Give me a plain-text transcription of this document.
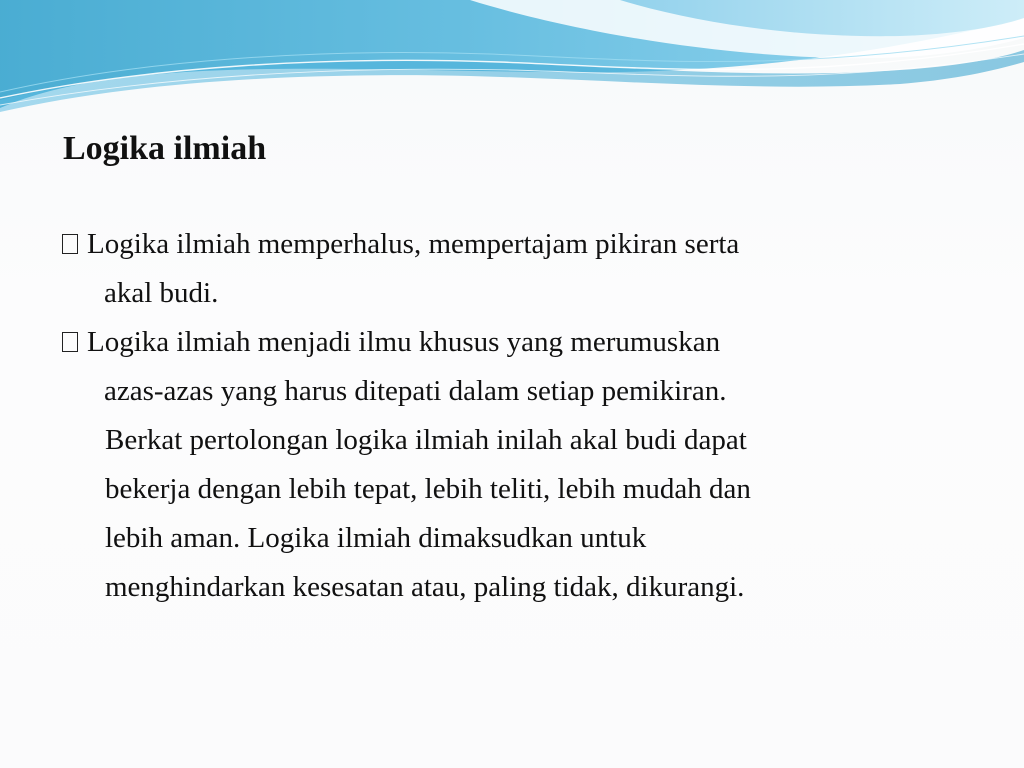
Logika ilmiah

Logika ilmiah memperhalus, mempertajam pikiran serta
akal budi.

Logika ilmiah menjadi ilmu khusus yang merumuskan
azas-azas yang harus ditepati dalam setiap pemikiran.
Berkat pertolongan logika ilmiah inilah akal budi dapat
bekerja dengan lebih tepat, lebih teliti, lebih mudah dan
lebih aman. Logika ilmiah dimaksudkan untuk
menghindarkan kesesatan atau, paling tidak, dikurangi.
